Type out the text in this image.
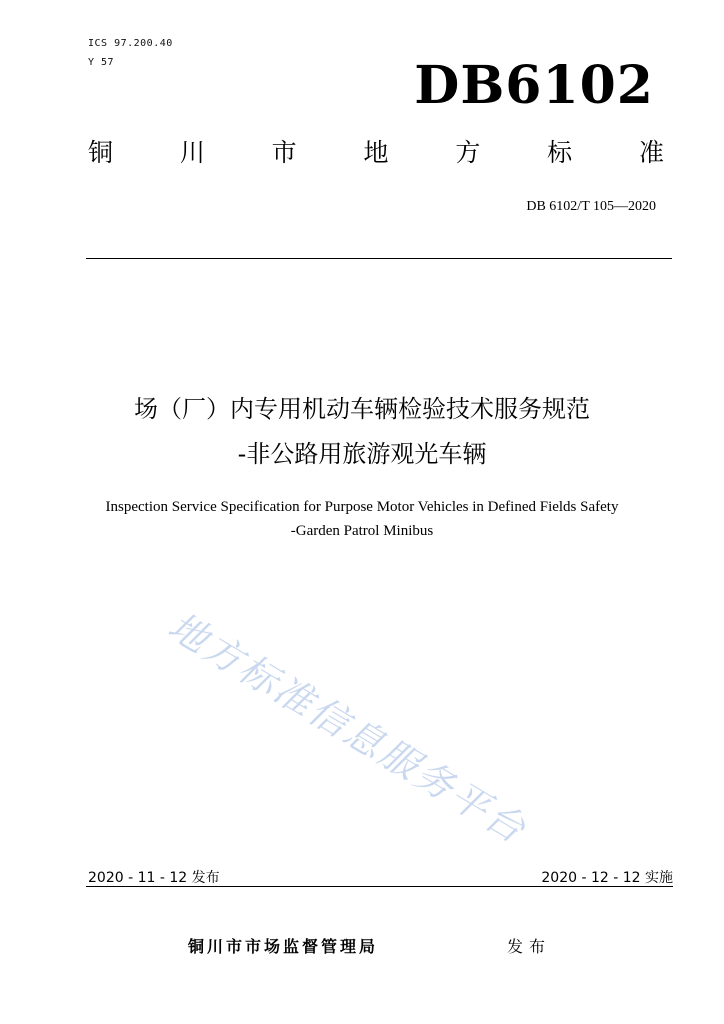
ICS 97.200.40
Y 57	DB6102
铜	川	市	地	方	标	准
DB 6102/T 105—2020
场（厂）内专用机动车辆检验技术服务规范
-非公路用旅游观光车辆
Inspection Service Specification for Purpose Motor Vehicles in Defined Fields Safety
-Garden Patrol Minibus
地方标准信息服务平台
2020 - 11 - 12 发布	2020 - 12 - 12 实施
铜川市市场监督管理局	发布
